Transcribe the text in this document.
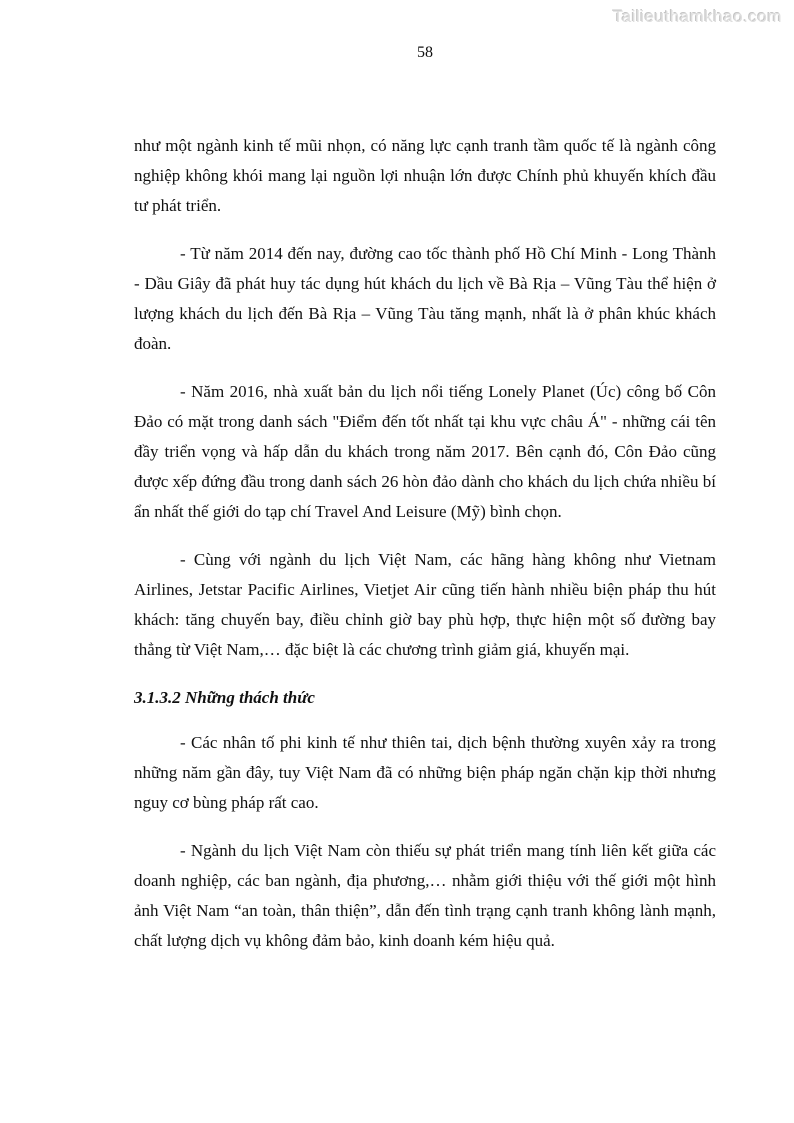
Tailieuthamkhao.com
58

như một ngành kinh tế mũi nhọn, có năng lực cạnh tranh tầm quốc tế là ngành công nghiệp không khói mang lại nguồn lợi nhuận lớn được Chính phủ khuyến khích đầu tư phát triển.

- Từ năm 2014 đến nay, đường cao tốc thành phố Hồ Chí Minh - Long Thành - Dầu Giây đã phát huy tác dụng hút khách du lịch về Bà Rịa – Vũng Tàu thể hiện ở lượng khách du lịch đến Bà Rịa – Vũng Tàu tăng mạnh, nhất là ở phân khúc khách đoàn.

- Năm 2016, nhà xuất bản du lịch nổi tiếng Lonely Planet (Úc) công bố Côn Đảo có mặt trong danh sách "Điểm đến tốt nhất tại khu vực châu Á" - những cái tên đầy triển vọng và hấp dẫn du khách trong năm 2017. Bên cạnh đó, Côn Đảo cũng được xếp đứng đầu trong danh sách 26 hòn đảo dành cho khách du lịch chứa nhiều bí ẩn nhất thế giới do tạp chí Travel And Leisure (Mỹ) bình chọn.

- Cùng với ngành du lịch Việt Nam, các hãng hàng không như Vietnam Airlines, Jetstar Pacific Airlines, Vietjet Air cũng tiến hành nhiều biện pháp thu hút khách: tăng chuyến bay, điều chỉnh giờ bay phù hợp, thực hiện một số đường bay thẳng từ Việt Nam,… đặc biệt là các chương trình giảm giá, khuyến mại.

3.1.3.2 Những thách thức

- Các nhân tố phi kinh tế như thiên tai, dịch bệnh thường xuyên xảy ra trong những năm gần đây, tuy Việt Nam đã có những biện pháp ngăn chặn kịp thời nhưng nguy cơ bùng pháp rất cao.

- Ngành du lịch Việt Nam còn thiếu sự phát triển mang tính liên kết giữa các doanh nghiệp, các ban ngành, địa phương,… nhằm giới thiệu với thế giới một hình ảnh Việt Nam “an toàn, thân thiện”, dẫn đến tình trạng cạnh tranh không lành mạnh, chất lượng dịch vụ không đảm bảo, kinh doanh kém hiệu quả.
